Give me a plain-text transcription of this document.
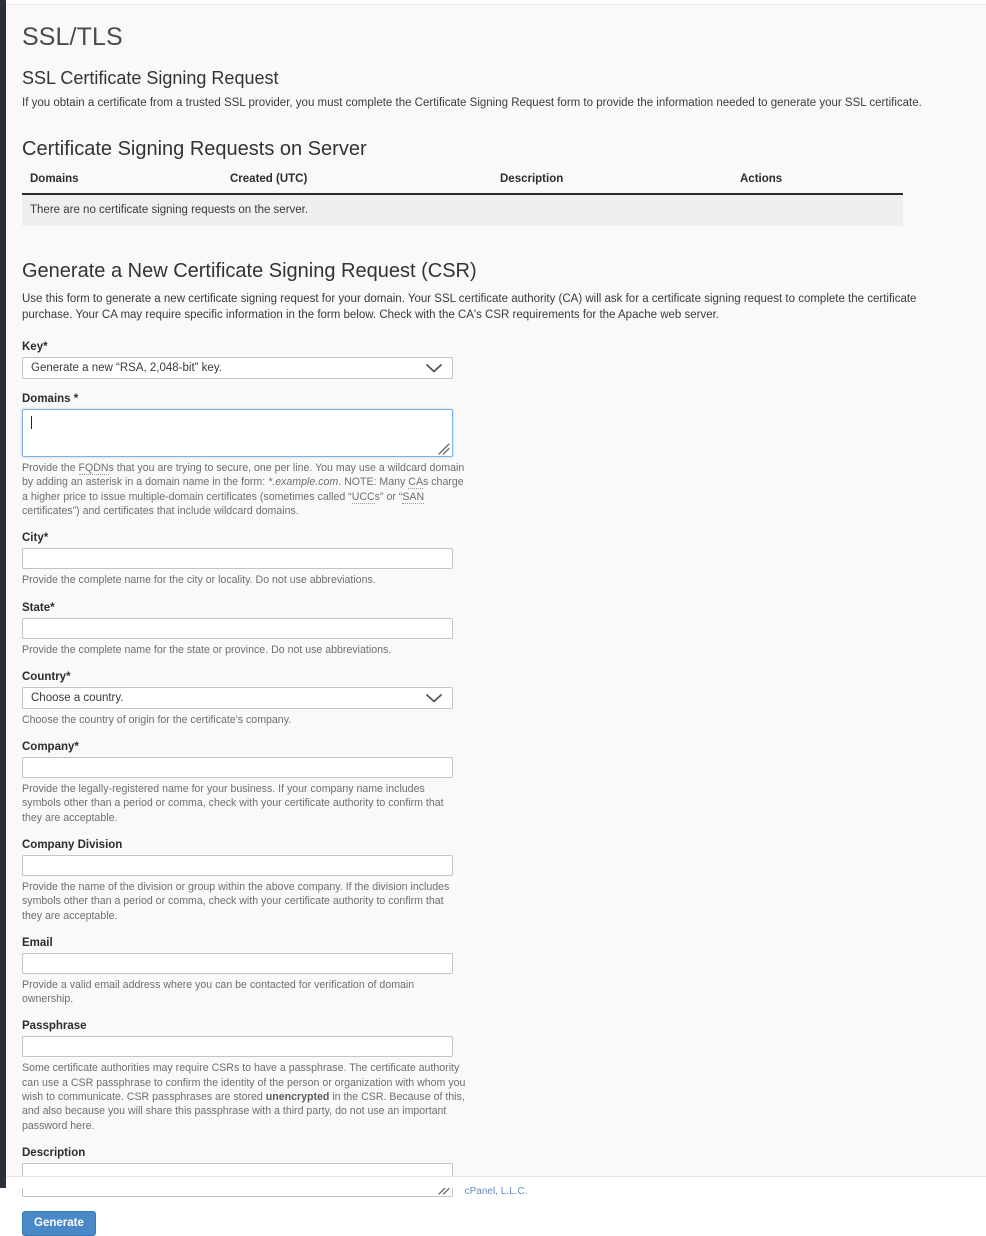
SSL/TLS
SSL Certificate Signing Request

If you obtain a certificate from a trusted SSL provider, you must complete the Certificate Signing Request form to provide the information needed to generate your SSL certificate.

Certificate Signing Requests on Server
Domains	Created (UTC)	Description	Actions
There are no certificate signing requests on the server.
Generate a New Certificate Signing Request (CSR)

Use this form to generate a new certificate signing request for your domain. Your SSL certificate authority (CA) will ask for a certificate signing request to complete the certificate purchase. Your CA may require specific information in the form below. Check with the CA's CSR requirements for the Apache web server.

Key*
Generate a new “RSA, 2,048-bit” key.
Domains *

Provide the FQDNs that you are trying to secure, one per line. You may use a wildcard domain by adding an asterisk in a domain name in the form: *.example.com. NOTE: Many CAs charge a higher price to issue multiple-domain certificates (sometimes called “UCCs” or “SAN certificates”) and certificates that include wildcard domains.

City*

Provide the complete name for the city or locality. Do not use abbreviations.

State*

Provide the complete name for the state or province. Do not use abbreviations.

Country*
Choose a country.

Choose the country of origin for the certificate's company.

Company*

Provide the legally-registered name for your business. If your company name includes symbols other than a period or comma, check with your certificate authority to confirm that they are acceptable.

Company Division

Provide the name of the division or group within the above company. If the division includes symbols other than a period or comma, check with your certificate authority to confirm that they are acceptable.

Email

Provide a valid email address where you can be contacted for verification of domain ownership.

Passphrase

Some certificate authorities may require CSRs to have a passphrase. The certificate authority can use a CSR passphrase to confirm the identity of the person or organization with whom you wish to communicate. CSR passphrases are stored unencrypted in the CSR. Because of this, and also because you will share this passphrase with a third party, do not use an important password here.

Description
Generate
cPanel, L.L.C.
